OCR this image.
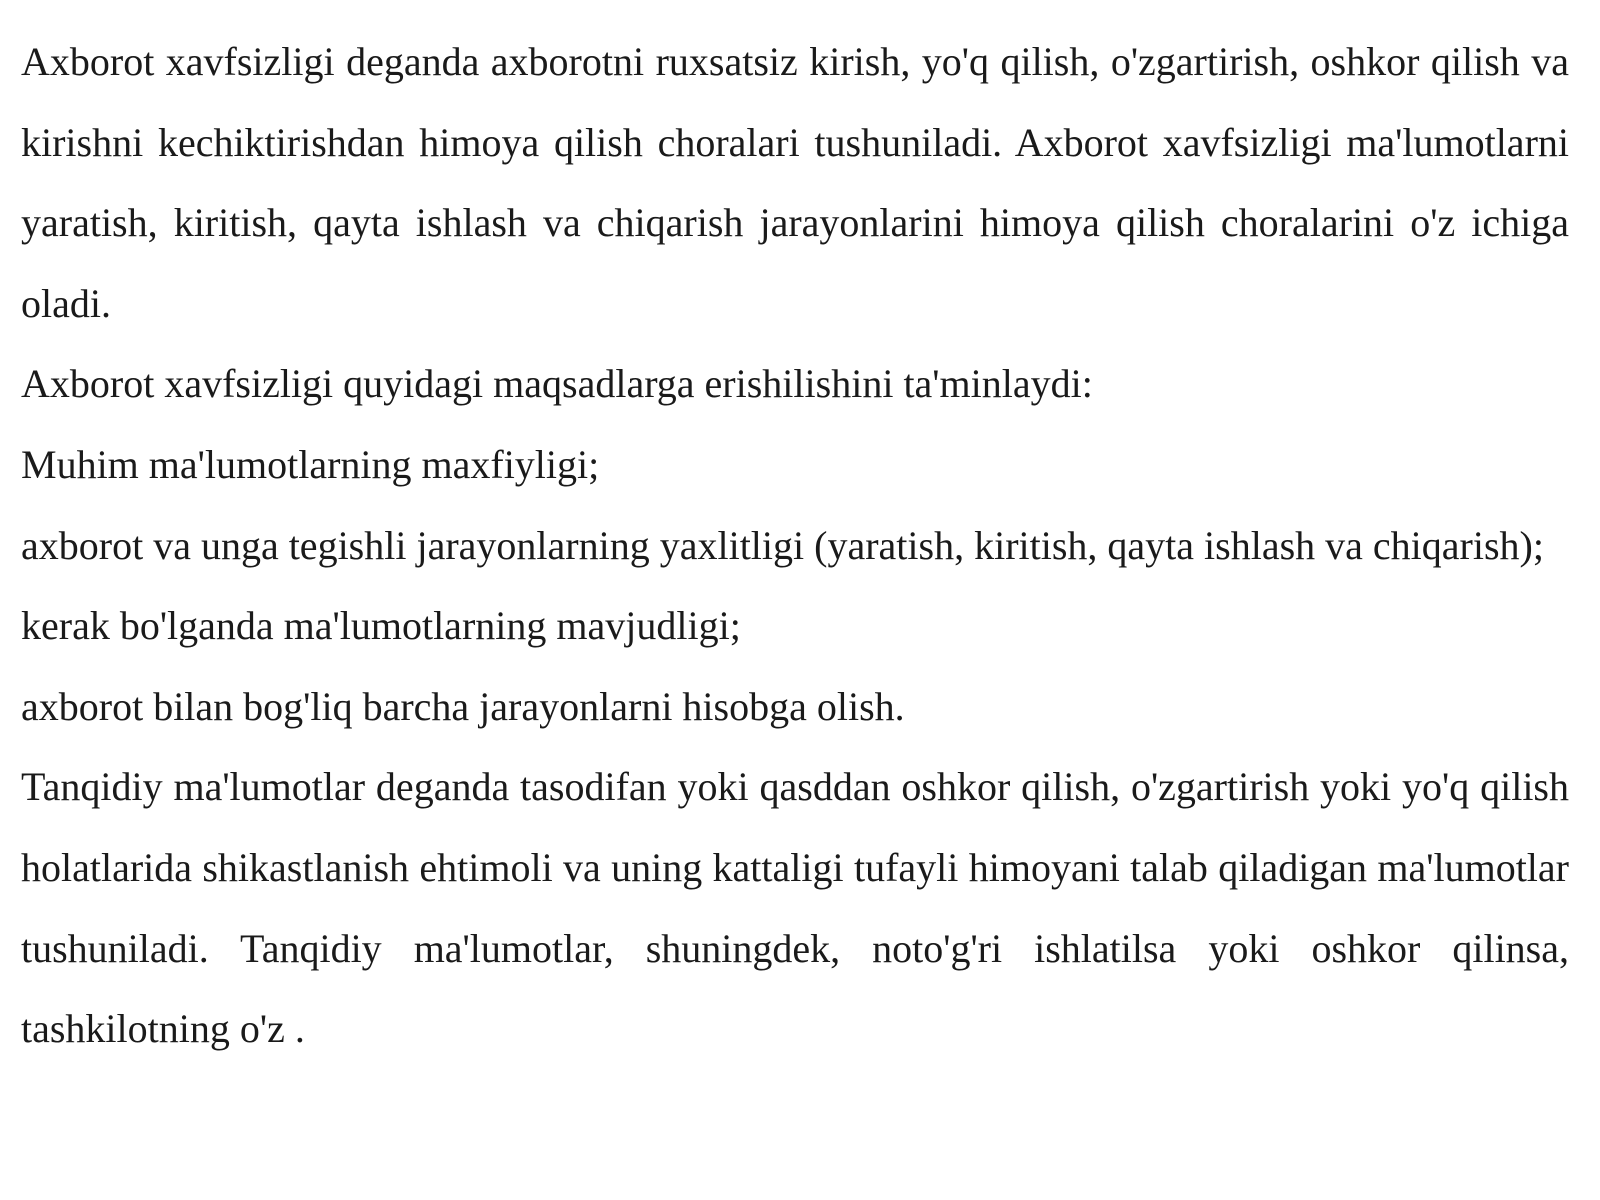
Axborot xavfsizligi deganda axborotni ruxsatsiz kirish, yo'q qilish, o'zgartirish, oshkor qilish va kirishni kechiktirishdan himoya qilish choralari tushuniladi. Axborot xavfsizligi ma'lumotlarni yaratish, kiritish, qayta ishlash va chiqarish jarayonlarini himoya qilish choralarini o'z ichiga oladi.

Axborot xavfsizligi quyidagi maqsadlarga erishilishini ta'minlaydi:

Muhim ma'lumotlarning maxfiyligi;

axborot va unga tegishli jarayonlarning yaxlitligi (yaratish, kiritish, qayta ishlash va chiqarish);

kerak bo'lganda ma'lumotlarning mavjudligi;

axborot bilan bog'liq barcha jarayonlarni hisobga olish.

Tanqidiy ma'lumotlar deganda tasodifan yoki qasddan oshkor qilish, o'zgartirish yoki yo'q qilish holatlarida shikastlanish ehtimoli va uning kattaligi tufayli himoyani talab qiladigan ma'lumotlar tushuniladi. Tanqidiy ma'lumotlar, shuningdek, noto'g'ri ishlatilsa yoki oshkor qilinsa, tashkilotning o'z .
